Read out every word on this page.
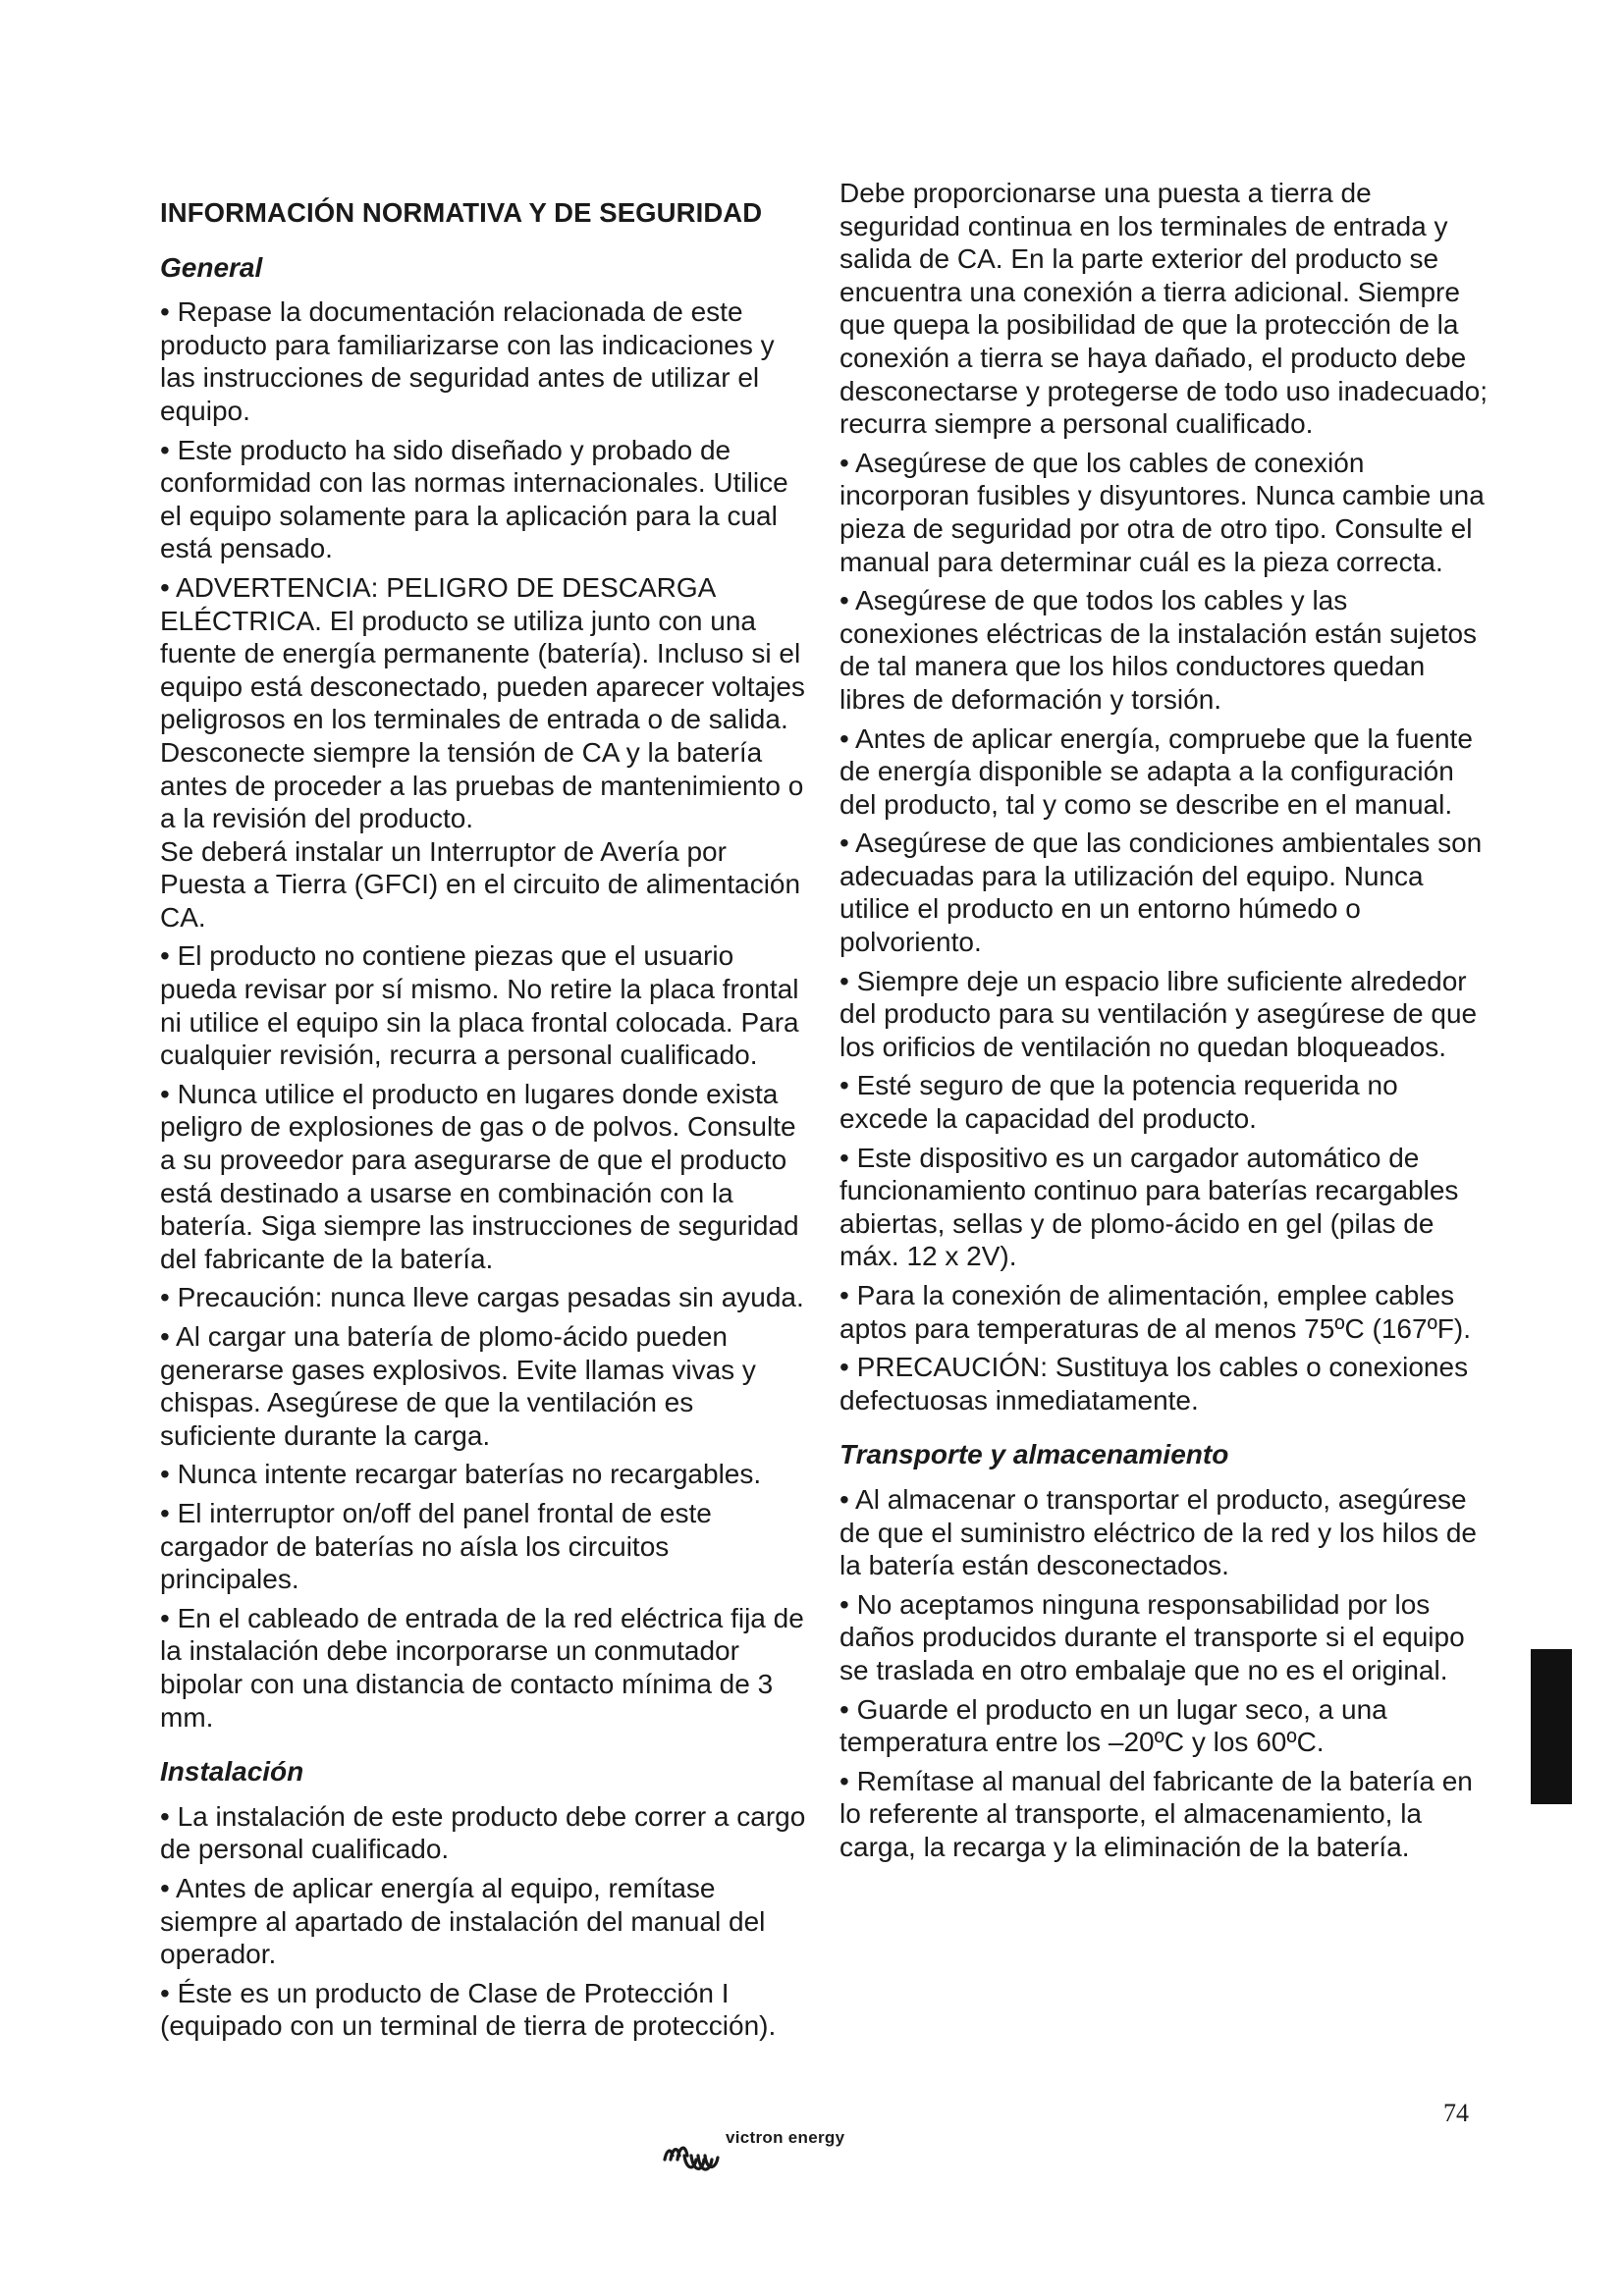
INFORMACIÓN NORMATIVA Y DE SEGURIDAD

General

• Repase la documentación relacionada de este producto para familiarizarse con las indicaciones y las instrucciones de seguridad antes de utilizar el equipo.

• Este producto ha sido diseñado y probado de conformidad con las normas internacionales. Utilice el equipo solamente para la aplicación para la cual está pensado.

• ADVERTENCIA: PELIGRO DE DESCARGA ELÉCTRICA. El producto se utiliza junto con una fuente de energía permanente (batería). Incluso si el equipo está desconectado, pueden aparecer voltajes peligrosos en los terminales de entrada o de salida. Desconecte siempre la tensión de CA y la batería antes de proceder a las pruebas de mantenimiento o a la revisión del producto.

Se deberá instalar un Interruptor de Avería por Puesta a Tierra (GFCI) en el circuito de alimentación CA.

• El producto no contiene piezas que el usuario pueda revisar por sí mismo. No retire la placa frontal ni utilice el equipo sin la placa frontal colocada. Para cualquier revisión, recurra a personal cualificado.

• Nunca utilice el producto en lugares donde exista peligro de explosiones de gas o de polvos. Consulte a su proveedor para asegurarse de que el producto está destinado a usarse en combinación con la batería. Siga siempre las instrucciones de seguridad del fabricante de la batería.

• Precaución: nunca lleve cargas pesadas sin ayuda.

• Al cargar una batería de plomo-ácido pueden generarse gases explosivos. Evite llamas vivas y chispas. Asegúrese de que la ventilación es suficiente durante la carga.

• Nunca intente recargar baterías no recargables.

• El interruptor on/off del panel frontal de este cargador de baterías no aísla los circuitos principales.

• En el cableado de entrada de la red eléctrica fija de la instalación debe incorporarse un conmutador bipolar con una distancia de contacto mínima de 3 mm.

Instalación

• La instalación de este producto debe correr a cargo de personal cualificado.

• Antes de aplicar energía al equipo, remítase siempre al apartado de instalación del manual del operador.

• Éste es un producto de Clase de Protección I (equipado con un terminal de tierra de protección).

Debe proporcionarse una puesta a tierra de seguridad continua en los terminales de entrada y salida de CA. En la parte exterior del producto se encuentra una conexión a tierra adicional. Siempre que quepa la posibilidad de que la protección de la conexión a tierra se haya dañado, el producto debe desconectarse y protegerse de todo uso inadecuado; recurra siempre a personal cualificado.

• Asegúrese de que los cables de conexión incorporan fusibles y disyuntores. Nunca cambie una pieza de seguridad por otra de otro tipo. Consulte el manual para determinar cuál es la pieza correcta.

• Asegúrese de que todos los cables y las conexiones eléctricas de la instalación están sujetos de tal manera que los hilos conductores quedan libres de deformación y torsión.

• Antes de aplicar energía, compruebe que la fuente de energía disponible se adapta a la configuración del producto, tal y como se describe en el manual.

• Asegúrese de que las condiciones ambientales son adecuadas para la utilización del equipo. Nunca utilice el producto en un entorno húmedo o polvoriento.

• Siempre deje un espacio libre suficiente alrededor del producto para su ventilación y asegúrese de que los orificios de ventilación no quedan bloqueados.

• Esté seguro de que la potencia requerida no excede la capacidad del producto.

• Este dispositivo es un cargador automático de funcionamiento continuo para baterías recargables abiertas, sellas y de plomo-ácido en gel (pilas de máx. 12 x 2V).

• Para la conexión de alimentación, emplee cables aptos para temperaturas de al menos 75ºC (167ºF).

• PRECAUCIÓN: Sustituya los cables o conexiones defectuosas inmediatamente.

Transporte y almacenamiento

• Al almacenar o transportar el producto, asegúrese de que el suministro eléctrico de la red y los hilos de la batería están desconectados.

• No aceptamos ninguna responsabilidad por los daños producidos durante el transporte si el equipo se traslada en otro embalaje que no es el original.

• Guarde el producto en un lugar seco, a una temperatura entre los –20ºC y los 60ºC.

• Remítase al manual del fabricante de la batería en lo referente al transporte, el almacenamiento, la carga, la recarga y la eliminación de la batería.

74
victron energy
